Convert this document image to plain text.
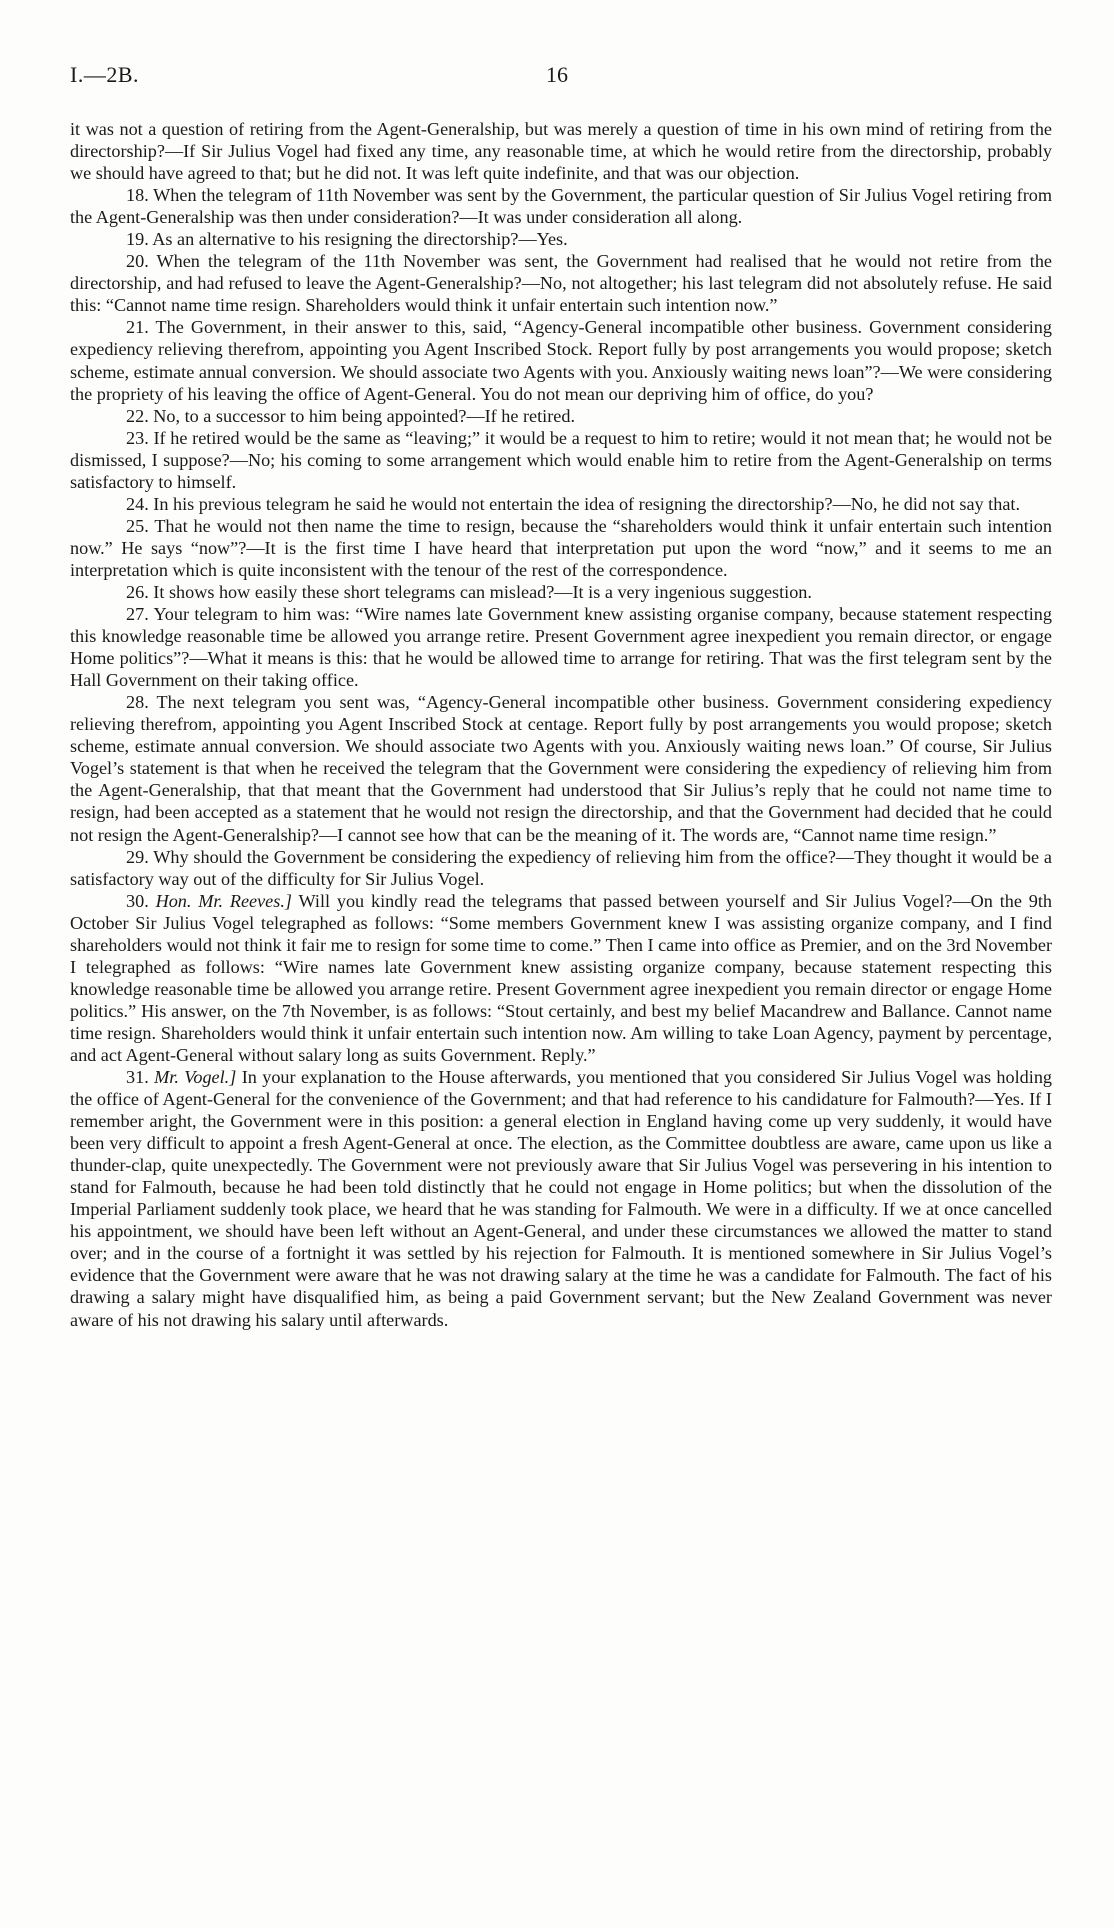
I.—2B.	16

it was not a question of retiring from the Agent-Generalship, but was merely a question of time in his own mind of retiring from the directorship?—If Sir Julius Vogel had fixed any time, any reasonable time, at which he would retire from the directorship, probably we should have agreed to that; but he did not. It was left quite indefinite, and that was our objection.

18. When the telegram of 11th November was sent by the Government, the particular question of Sir Julius Vogel retiring from the Agent-Generalship was then under consideration?—It was under consideration all along.

19. As an alternative to his resigning the directorship?—Yes.

20. When the telegram of the 11th November was sent, the Government had realised that he would not retire from the directorship, and had refused to leave the Agent-Generalship?—No, not altogether; his last telegram did not absolutely refuse. He said this: “Cannot name time resign. Shareholders would think it unfair entertain such intention now.”

21. The Government, in their answer to this, said, “Agency-General incompatible other business. Government considering expediency relieving therefrom, appointing you Agent Inscribed Stock. Report fully by post arrangements you would propose; sketch scheme, estimate annual conversion. We should associate two Agents with you. Anxiously waiting news loan”?—We were considering the propriety of his leaving the office of Agent-General. You do not mean our depriving him of office, do you?

22. No, to a successor to him being appointed?—If he retired.

23. If he retired would be the same as “leaving;” it would be a request to him to retire; would it not mean that; he would not be dismissed, I suppose?—No; his coming to some arrangement which would enable him to retire from the Agent-Generalship on terms satisfactory to himself.

24. In his previous telegram he said he would not entertain the idea of resigning the directorship?—No, he did not say that.

25. That he would not then name the time to resign, because the “shareholders would think it unfair entertain such intention now.” He says “now”?—It is the first time I have heard that interpretation put upon the word “now,” and it seems to me an interpretation which is quite inconsistent with the tenour of the rest of the correspondence.

26. It shows how easily these short telegrams can mislead?—It is a very ingenious suggestion.

27. Your telegram to him was: “Wire names late Government knew assisting organise company, because statement respecting this knowledge reasonable time be allowed you arrange retire. Present Government agree inexpedient you remain director, or engage Home politics”?—What it means is this: that he would be allowed time to arrange for retiring. That was the first telegram sent by the Hall Government on their taking office.

28. The next telegram you sent was, “Agency-General incompatible other business. Government considering expediency relieving therefrom, appointing you Agent Inscribed Stock at centage. Report fully by post arrangements you would propose; sketch scheme, estimate annual conversion. We should associate two Agents with you. Anxiously waiting news loan.” Of course, Sir Julius Vogel’s statement is that when he received the telegram that the Government were considering the expediency of relieving him from the Agent-Generalship, that that meant that the Government had understood that Sir Julius’s reply that he could not name time to resign, had been accepted as a statement that he would not resign the directorship, and that the Government had decided that he could not resign the Agent-Generalship?—I cannot see how that can be the meaning of it. The words are, “Cannot name time resign.”

29. Why should the Government be considering the expediency of relieving him from the office?—They thought it would be a satisfactory way out of the difficulty for Sir Julius Vogel.

30. Hon. Mr. Reeves.] Will you kindly read the telegrams that passed between yourself and Sir Julius Vogel?—On the 9th October Sir Julius Vogel telegraphed as follows: “Some members Government knew I was assisting organize company, and I find shareholders would not think it fair me to resign for some time to come.” Then I came into office as Premier, and on the 3rd November I telegraphed as follows: “Wire names late Government knew assisting organize company, because statement respecting this knowledge reasonable time be allowed you arrange retire. Present Government agree inexpedient you remain director or engage Home politics.” His answer, on the 7th November, is as follows: “Stout certainly, and best my belief Macandrew and Ballance. Cannot name time resign. Shareholders would think it unfair entertain such intention now. Am willing to take Loan Agency, payment by percentage, and act Agent-General without salary long as suits Government. Reply.”

31. Mr. Vogel.] In your explanation to the House afterwards, you mentioned that you considered Sir Julius Vogel was holding the office of Agent-General for the convenience of the Government; and that had reference to his candidature for Falmouth?—Yes. If I remember aright, the Government were in this position: a general election in England having come up very suddenly, it would have been very difficult to appoint a fresh Agent-General at once. The election, as the Committee doubtless are aware, came upon us like a thunder-clap, quite unexpectedly. The Government were not previously aware that Sir Julius Vogel was persevering in his intention to stand for Falmouth, because he had been told distinctly that he could not engage in Home politics; but when the dissolution of the Imperial Parliament suddenly took place, we heard that he was standing for Falmouth. We were in a difficulty. If we at once cancelled his appointment, we should have been left without an Agent-General, and under these circumstances we allowed the matter to stand over; and in the course of a fortnight it was settled by his rejection for Falmouth. It is mentioned somewhere in Sir Julius Vogel’s evidence that the Government were aware that he was not drawing salary at the time he was a candidate for Falmouth. The fact of his drawing a salary might have disqualified him, as being a paid Government servant; but the New Zealand Government was never aware of his not drawing his salary until afterwards.
